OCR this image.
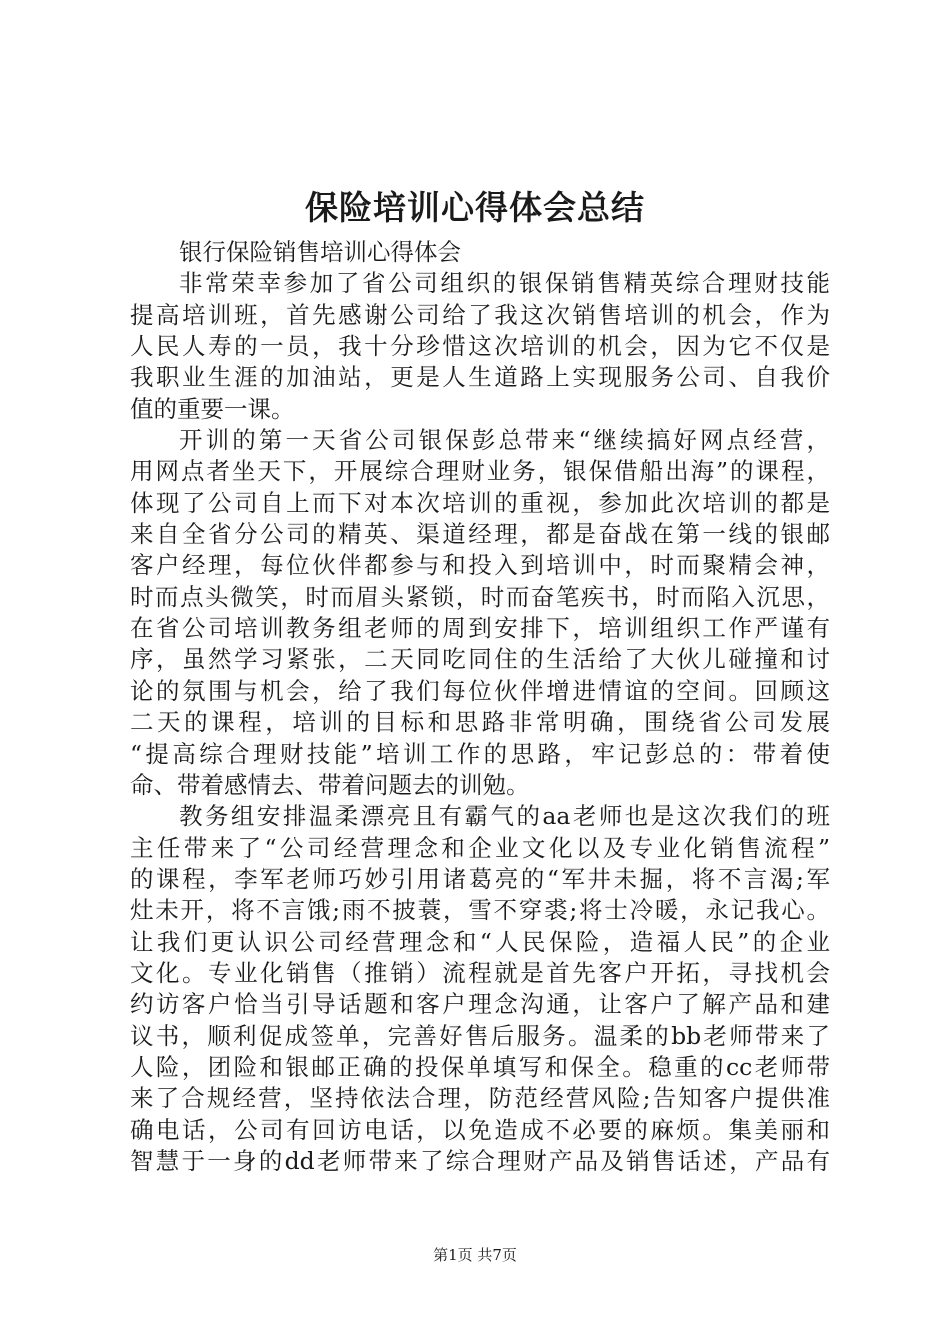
保险培训心得体会总结
银行保险销售培训心得体会
非常荣幸参加了省公司组织的银保销售精英综合理财技能
提高培训班，首先感谢公司给了我这次销售培训的机会，作为
人民人寿的一员，我十分珍惜这次培训的机会，因为它不仅是
我职业生涯的加油站，更是人生道路上实现服务公司、自我价
值的重要一课。
开训的第一天省公司银保彭总带来“继续搞好网点经营，
用网点者坐天下，开展综合理财业务，银保借船出海”的课程，
体现了公司自上而下对本次培训的重视，参加此次培训的都是
来自全省分公司的精英、渠道经理，都是奋战在第一线的银邮
客户经理，每位伙伴都参与和投入到培训中，时而聚精会神，
时而点头微笑，时而眉头紧锁，时而奋笔疾书，时而陷入沉思，
在省公司培训教务组老师的周到安排下，培训组织工作严谨有
序，虽然学习紧张，二天同吃同住的生活给了大伙儿碰撞和讨
论的氛围与机会，给了我们每位伙伴增进情谊的空间。回顾这
二天的课程，培训的目标和思路非常明确，围绕省公司发展
“提高综合理财技能”培训工作的思路，牢记彭总的：带着使
命、带着感情去、带着问题去的训勉。
教务组安排温柔漂亮且有霸气的aa老师也是这次我们的班
主任带来了“公司经营理念和企业文化以及专业化销售流程”
的课程，李军老师巧妙引用诸葛亮的“军井未掘，将不言渴;军
灶未开，将不言饿;雨不披蓑，雪不穿裘;将士冷暖，永记我心。
让我们更认识公司经营理念和“人民保险，造福人民”的企业
文化。专业化销售（推销）流程就是首先客户开拓，寻找机会
约访客户恰当引导话题和客户理念沟通，让客户了解产品和建
议书，顺利促成签单，完善好售后服务。温柔的bb老师带来了
人险，团险和银邮正确的投保单填写和保全。稳重的cc老师带
来了合规经营，坚持依法合理，防范经营风险;告知客户提供准
确电话，公司有回访电话，以免造成不必要的麻烦。集美丽和
智慧于一身的dd老师带来了综合理财产品及销售话述，产品有
第1页 共7页
